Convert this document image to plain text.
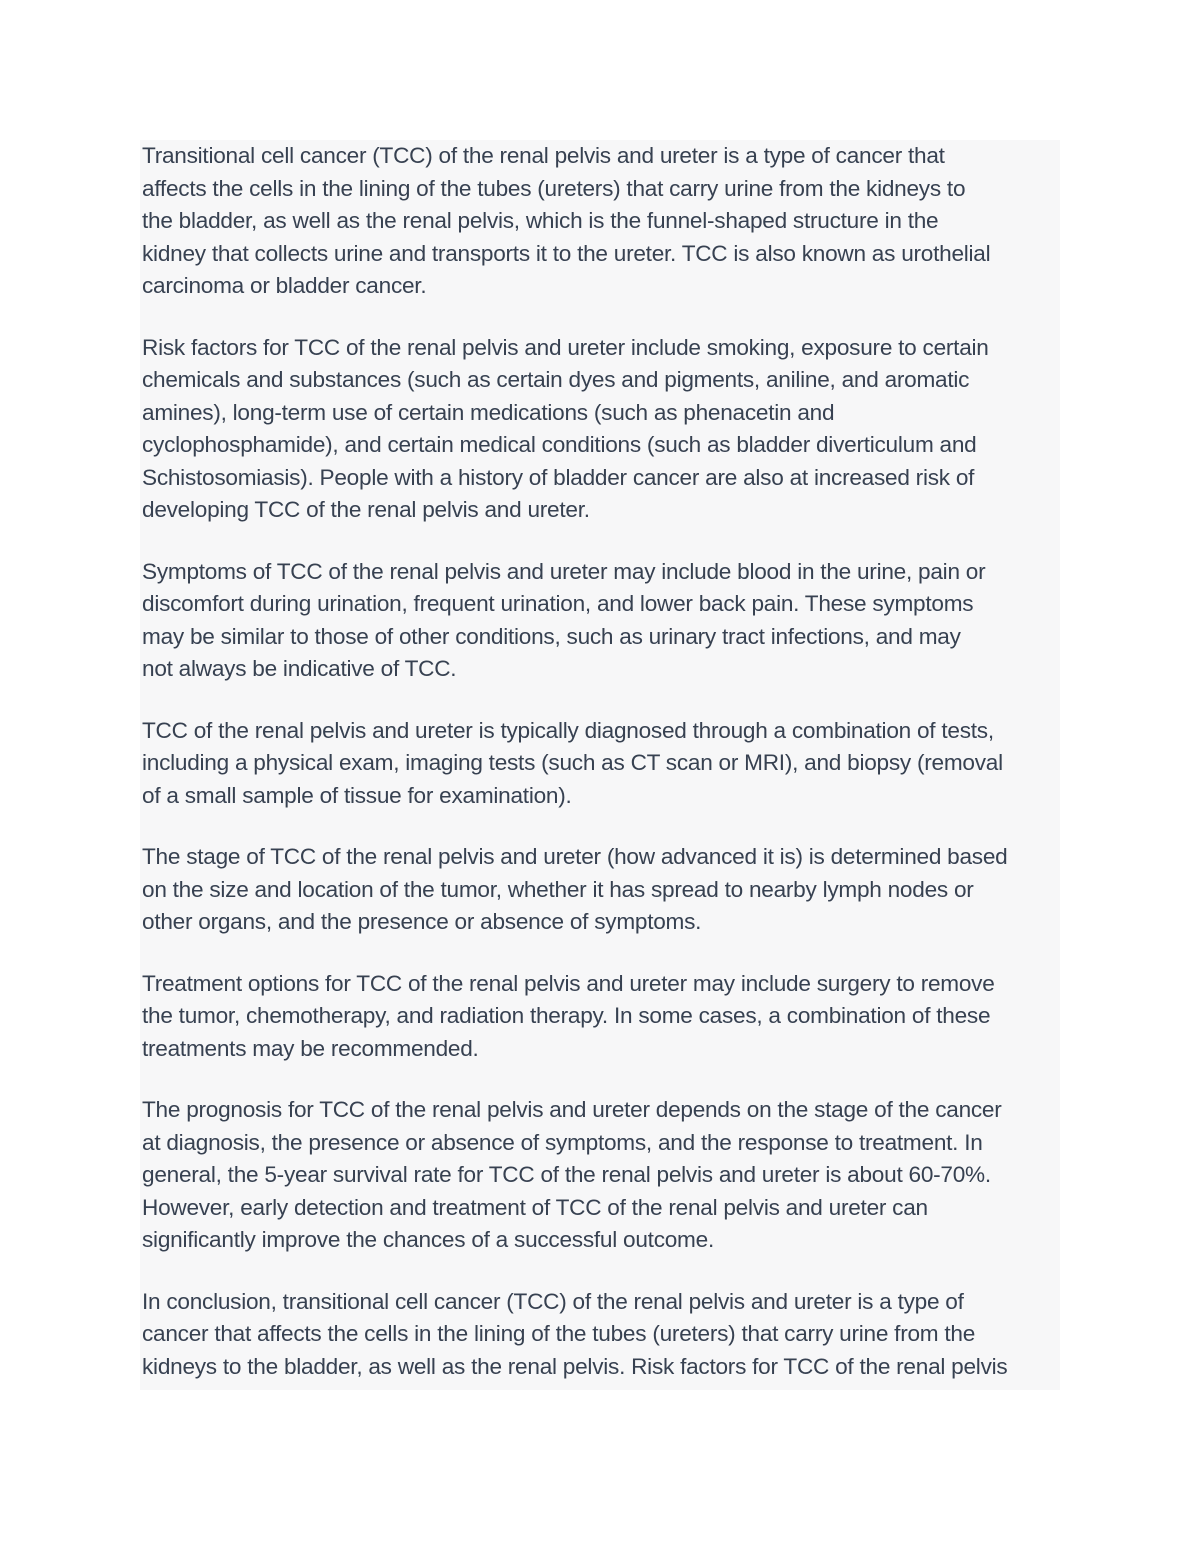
Transitional cell cancer (TCC) of the renal pelvis and ureter is a type of cancer that
affects the cells in the lining of the tubes (ureters) that carry urine from the kidneys to
the bladder, as well as the renal pelvis, which is the funnel-shaped structure in the
kidney that collects urine and transports it to the ureter. TCC is also known as urothelial
carcinoma or bladder cancer.

Risk factors for TCC of the renal pelvis and ureter include smoking, exposure to certain
chemicals and substances (such as certain dyes and pigments, aniline, and aromatic
amines), long-term use of certain medications (such as phenacetin and
cyclophosphamide), and certain medical conditions (such as bladder diverticulum and
Schistosomiasis). People with a history of bladder cancer are also at increased risk of
developing TCC of the renal pelvis and ureter.

Symptoms of TCC of the renal pelvis and ureter may include blood in the urine, pain or
discomfort during urination, frequent urination, and lower back pain. These symptoms
may be similar to those of other conditions, such as urinary tract infections, and may
not always be indicative of TCC.

TCC of the renal pelvis and ureter is typically diagnosed through a combination of tests,
including a physical exam, imaging tests (such as CT scan or MRI), and biopsy (removal
of a small sample of tissue for examination).

The stage of TCC of the renal pelvis and ureter (how advanced it is) is determined based
on the size and location of the tumor, whether it has spread to nearby lymph nodes or
other organs, and the presence or absence of symptoms.

Treatment options for TCC of the renal pelvis and ureter may include surgery to remove
the tumor, chemotherapy, and radiation therapy. In some cases, a combination of these
treatments may be recommended.

The prognosis for TCC of the renal pelvis and ureter depends on the stage of the cancer
at diagnosis, the presence or absence of symptoms, and the response to treatment. In
general, the 5-year survival rate for TCC of the renal pelvis and ureter is about 60-70%.
However, early detection and treatment of TCC of the renal pelvis and ureter can
significantly improve the chances of a successful outcome.

In conclusion, transitional cell cancer (TCC) of the renal pelvis and ureter is a type of
cancer that affects the cells in the lining of the tubes (ureters) that carry urine from the
kidneys to the bladder, as well as the renal pelvis. Risk factors for TCC of the renal pelvis
